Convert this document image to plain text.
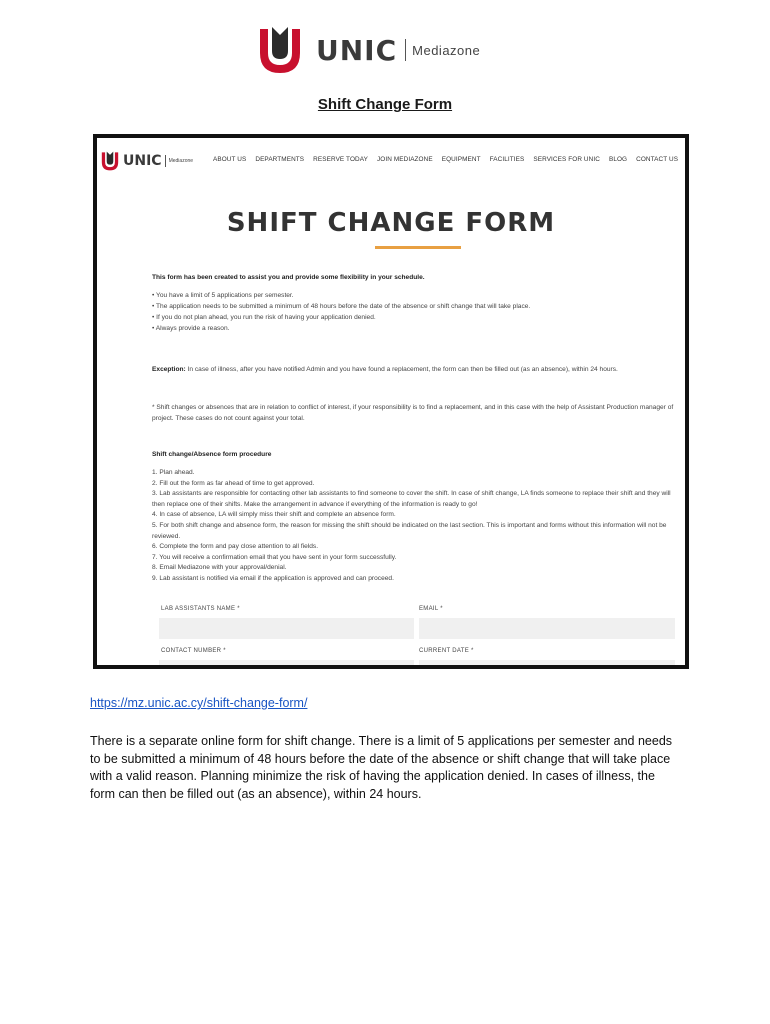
UNIC Mediazone
Shift Change Form
UNIC Mediazone	ABOUT US DEPARTMENTS RESERVE TODAY JOIN MEDIAZONE EQUIPMENT FACILITIES SERVICES FOR UNIC BLOG CONTACT US
SHIFT CHANGE FORM
This form has been created to assist you and provide some flexibility in your schedule.
• You have a limit of 5 applications per semester.
• The application needs to be submitted a minimum of 48 hours before the date of the absence or shift change that will take place.
• If you do not plan ahead, you run the risk of having your application denied.
• Always provide a reason.
Exception: In case of illness, after you have notified Admin and you have found a replacement, the form can then be filled out (as an absence), within 24 hours.
* Shift changes or absences that are in relation to conflict of interest, if your responsibility is to find a replacement, and in this case with the help of Assistant Production manager of project. These cases do not count against your total.
Shift change/Absence form procedure
Plan ahead.
Fill out the form as far ahead of time to get approved.
Lab assistants are responsible for contacting other lab assistants to find someone to cover the shift. In case of shift change, LA finds someone to replace their shift and they will then replace one of their shifts. Make the arrangement in advance if everything of the information is ready to go!
In case of absence, LA will simply miss their shift and complete an absence form.
For both shift change and absence form, the reason for missing the shift should be indicated on the last section. This is important and forms without this information will not be reviewed.
Complete the form and pay close attention to all fields.
You will receive a confirmation email that you have sent in your form successfully.
Email Mediazone with your approval/denial.
Lab assistant is notified via email if the application is approved and can proceed.
LAB ASSISTANTS NAME *	EMAIL *
CONTACT NUMBER *	CURRENT DATE *
https://mz.unic.ac.cy/shift-change-form/

There is a separate online form for shift change. There is a limit of 5 applications per semester and needs to be submitted a minimum of 48 hours before the date of the absence or shift change that will take place with a valid reason. Planning minimize the risk of having the application denied. In cases of illness, the form can then be filled out (as an absence), within 24 hours.
